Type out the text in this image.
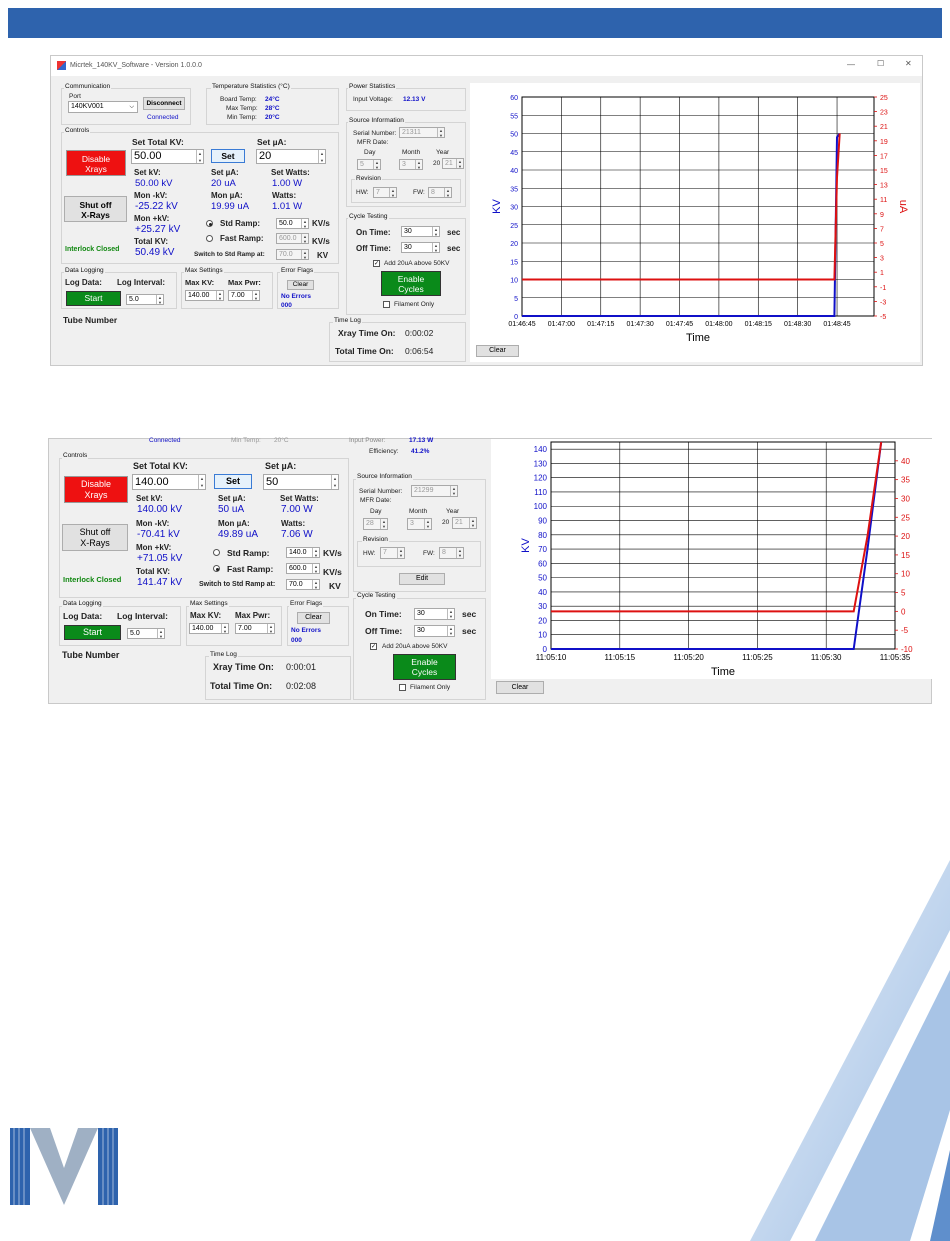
Micrtek_140KV_Software - Version 1.0.0.0	—	☐	✕
Communication
Port
140KV001	⌵	Disconnect
Connected
Temperature Statistics (°C)
Board Temp: 24°C
Max Temp: 28°C
Min Temp: 20°C
Power Statistics
Input Voltage: 12.13 V
Source Information
Serial Number: 21311	▲
▼
MFR Date:
Day	Month Year
5	▲
▼	3	▲
▼
20 21	▲
▼
Revision
HW:	7	▲
▼	FW: 8	▲
▼
Controls
Set Total KV:
50.00	▲
▼
Set µA:
Set	20	▲
▼
Disable
Xrays
Shut off
X-Rays
Interlock Closed
Set kV:
50.00 kV
Mon -kV:
-25.22 kV
Mon +kV:
+25.27 kV
Total KV:
50.49 kV
Set µA:
20 uA
Set Watts:
1.00 W
Mon µA:
19.99 uA
Watts:
1.01 W
Std Ramp:	50.0	▲
▼ KV/s
Fast Ramp:	600.0	▲
▼ KV/s
Switch to Std Ramp at:	70.0	▲
▼ KV
Data Logging
Log Data: Log Interval:
Start	5.0	▲
▼
Max Settings
Max KV: Max Pwr:
140.00	▲
▼	7.00	▲
▼
Error Flags
Clear
No Errors
000
Tube Number
Cycle Testing
On Time:	30	▲
▼ sec
Off Time:	30	▲
▼ sec
✓ Add 20uA above 50KV
Enable
Cycles
Filament Only
Time Log
Xray Time On: 0:00:02
Total Time On: 0:06:54
0
5
10
15
20
25
30
35
40
45
50
55
60
01:46:45 01:47:00 01:47:15 01:47:30 01:47:45 01:48:00 01:48:15 01:48:30 01:48:45
-5
-3
-1
1
3
5
7
9
11
13
15
17
19
21
23
25
Time
KV	uA
Clear
Connected	Min Temp: 20°C	Input Power:	17.13 W
Efficiency: 41.2%
Controls
Set Total KV:
140.00	▲
▼	Set
Set µA:
50	▲
▼
Disable
Xrays
Shut off
X-Rays
Interlock Closed
Set kV:
140.00 kV
Mon -kV:
-70.41 kV
Mon +kV:
+71.05 kV
Total KV:
141.47 kV
Set µA:
50 uA
Set Watts:
7.00 W
Mon µA:
49.89 uA
Watts:
7.06 W
Std Ramp:	140.0	▲
▼ KV/s
Fast Ramp:	600.0	▲
▼ KV/s
Switch to Std Ramp at:	70.0	▲
▼ KV
Data Logging
Log Data: Log Interval:
Start	5.0	▲
▼
Max Settings
Max KV: Max Pwr:
140.00	▲
▼	7.00	▲
▼
Error Flags
Clear
No Errors
000
Tube Number	Time Log
Xray Time On: 0:00:01
Total Time On: 0:02:08
Source Information
Serial Number:	21299	▲
▼
MFR Date:
Day	Month	Year
28	▲
▼	3	▲
▼
20 21	▲
▼
Revision
HW:	7	▲
▼	FW:	8	▲
▼
Edit
Cycle Testing
On Time:	30	▲
▼ sec
Off Time:	30	▲
▼ sec
✓ Add 20uA above 50KV
Enable
Cycles
Filament Only
0
10
20
30
40
50
60
70
80
90
100
110
120
130
140
11:05:10	11:05:15	11:05:20	11:05:25	11:05:30	11:05:35
-10
-5
0
5
10
15
20
25
30
35
40
Time
KV
Clear
